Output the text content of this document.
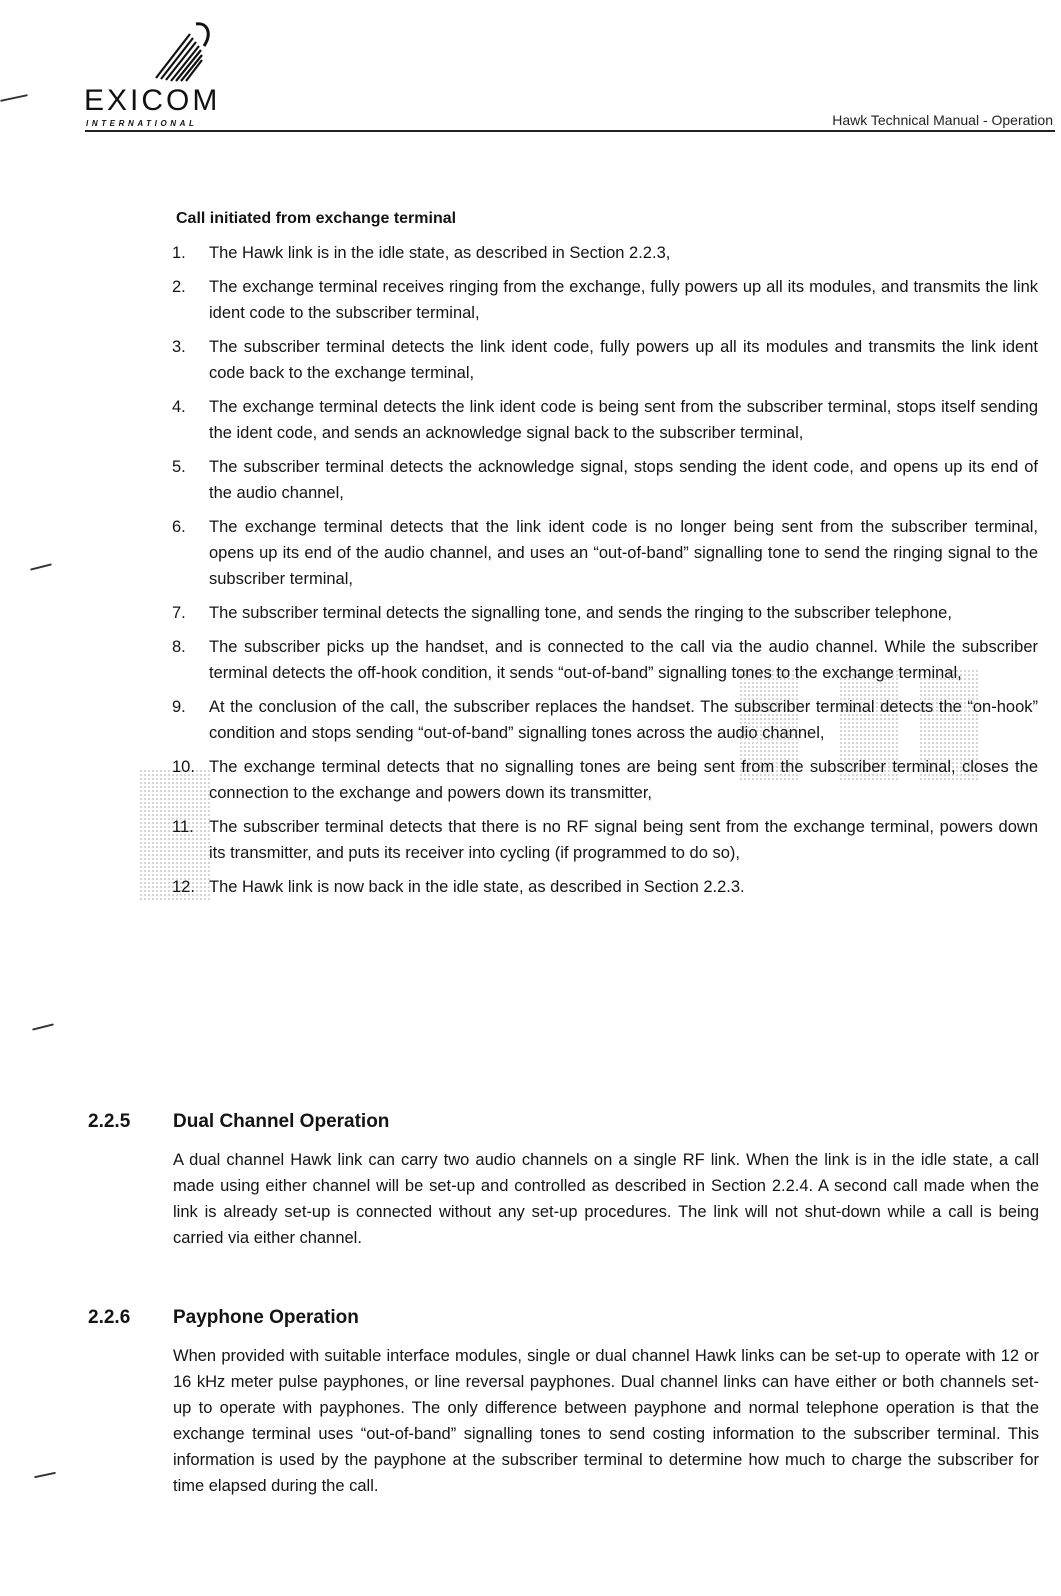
EXICOM
INTERNATIONAL	Hawk Technical Manual - Operation
Call initiated from exchange terminal
1.	The Hawk link is in the idle state, as described in Section 2.2.3,
2.	The exchange terminal receives ringing from the exchange, fully powers up all its modules, and transmits the link ident code to the subscriber terminal,
3.	The subscriber terminal detects the link ident code, fully powers up all its modules and transmits the link ident code back to the exchange terminal,
4.	The exchange terminal detects the link ident code is being sent from the subscriber terminal, stops itself sending the ident code, and sends an acknowledge signal back to the subscriber terminal,
5.	The subscriber terminal detects the acknowledge signal, stops sending the ident code, and opens up its end of the audio channel,
6.	The exchange terminal detects that the link ident code is no longer being sent from the subscriber terminal, opens up its end of the audio channel, and uses an “out-of-band” signalling tone to send the ringing signal to the subscriber terminal,
7.	The subscriber terminal detects the signalling tone, and sends the ringing to the subscriber telephone,
8.	The subscriber picks up the handset, and is connected to the call via the audio channel. While the subscriber terminal detects the off-hook condition, it sends “out-of-band” signalling tones to the exchange terminal,
9.	At the conclusion of the call, the subscriber replaces the handset. The subscriber terminal detects the “on-hook” condition and stops sending “out-of-band” signalling tones across the audio channel,
10. The exchange terminal detects that no signalling tones are being sent from the subscriber terminal, closes the connection to the exchange and powers down its transmitter,
11. The subscriber terminal detects that there is no RF signal being sent from the exchange terminal, powers down its transmitter, and puts its receiver into cycling (if programmed to do so),
12. The Hawk link is now back in the idle state, as described in Section 2.2.3.
2.2.5 Dual Channel Operation
A dual channel Hawk link can carry two audio channels on a single RF link. When the link is in the idle state, a call made using either channel will be set-up and controlled as described in Section 2.2.4. A second call made when the link is already set-up is connected without any set-up procedures. The link will not shut-down while a call is being carried via either channel.
2.2.6 Payphone Operation
When provided with suitable interface modules, single or dual channel Hawk links can be set-up to operate with 12 or 16 kHz meter pulse payphones, or line reversal payphones. Dual channel links can have either or both channels set-up to operate with payphones. The only difference between payphone and normal telephone operation is that the exchange terminal uses “out-of-band” signalling tones to send costing information to the subscriber terminal. This information is used by the payphone at the subscriber terminal to determine how much to charge the subscriber for time elapsed during the call.
